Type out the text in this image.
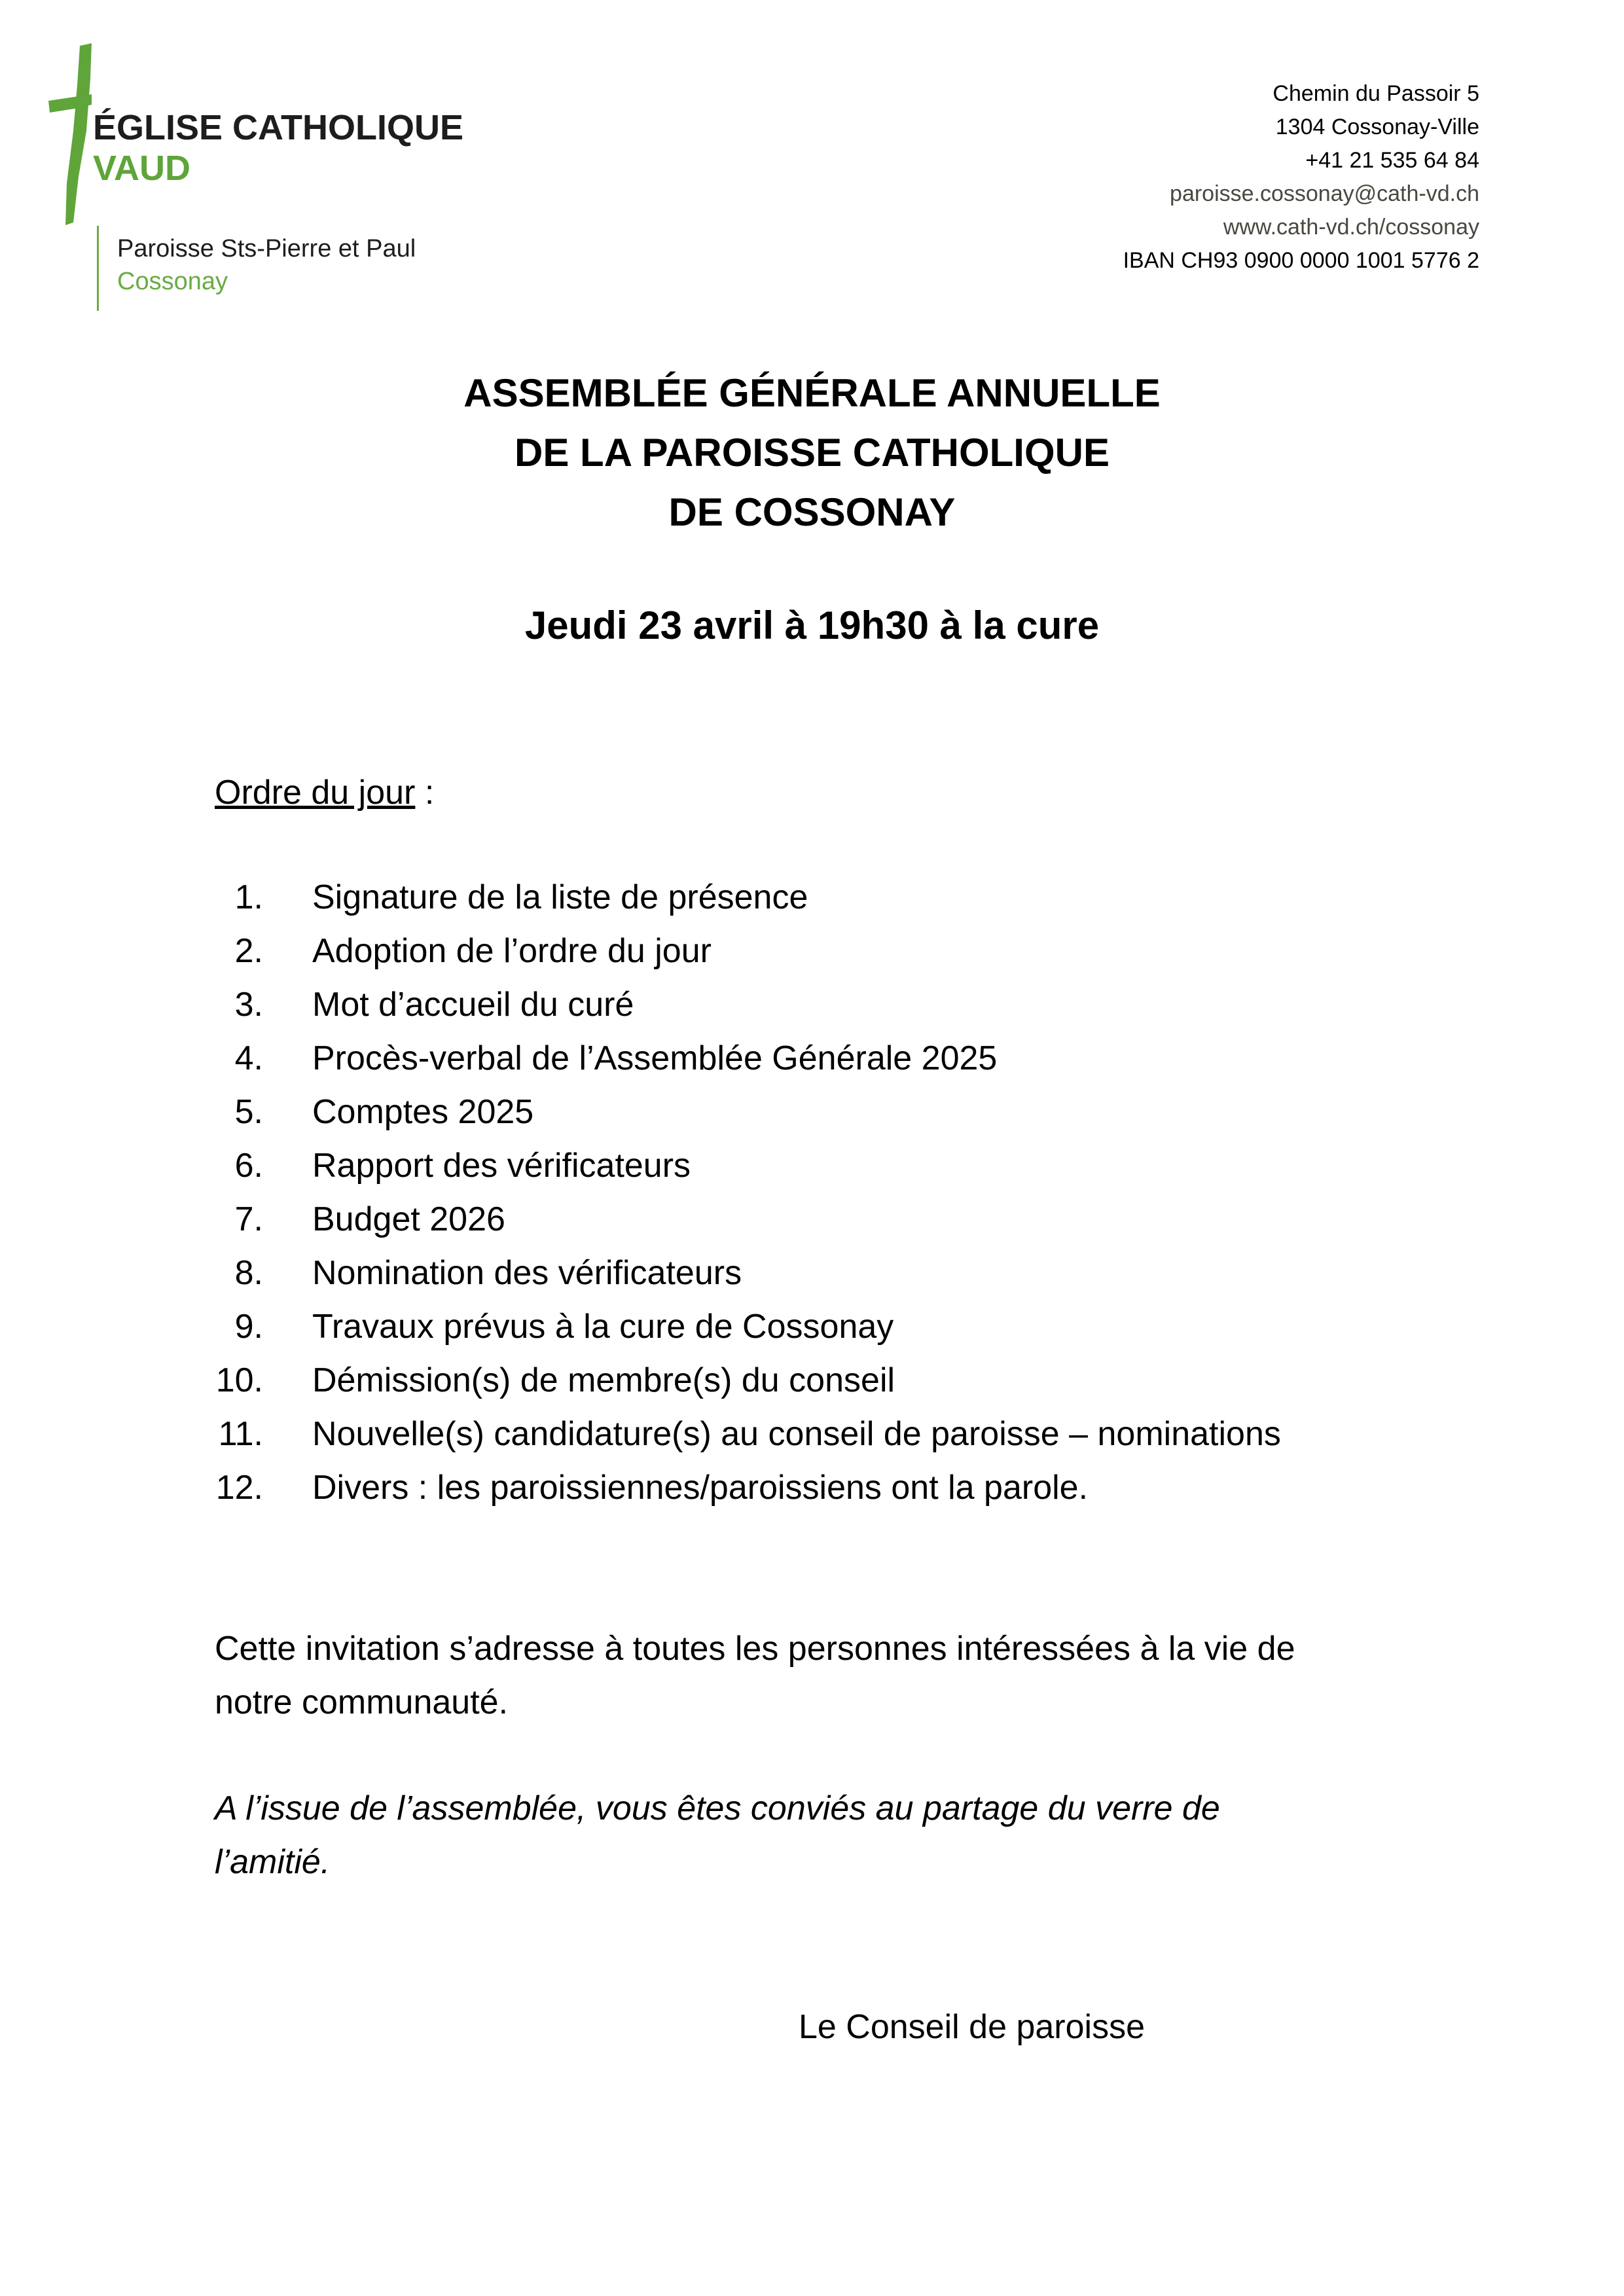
ÉGLISE CATHOLIQUE
VAUD
Paroisse Sts-Pierre et Paul
Cossonay
Chemin du Passoir 5
1304 Cossonay-Ville
+41 21 535 64 84
paroisse.cossonay@cath-vd.ch
www.cath-vd.ch/cossonay
IBAN CH93 0900 0000 1001 5776 2
ASSEMBLÉE GÉNÉRALE ANNUELLE
DE LA PAROISSE CATHOLIQUE
DE COSSONAY
Jeudi 23 avril à 19h30 à la cure
Ordre du jour :
1.	Signature de la liste de présence
2.	Adoption de l’ordre du jour
3.	Mot d’accueil du curé
4.	Procès-verbal de l’Assemblée Générale 2025
5.	Comptes 2025
6.	Rapport des vérificateurs
7.	Budget 2026
8.	Nomination des vérificateurs
9.	Travaux prévus à la cure de Cossonay
10.	Démission(s) de membre(s) du conseil
11.	Nouvelle(s) candidature(s) au conseil de paroisse – nominations
12.	Divers : les paroissiennes/paroissiens ont la parole.
Cette invitation s’adresse à toutes les personnes intéressées à la vie de
notre communauté.
A l’issue de l’assemblée, vous êtes conviés au partage du verre de
l’amitié.
Le Conseil de paroisse
